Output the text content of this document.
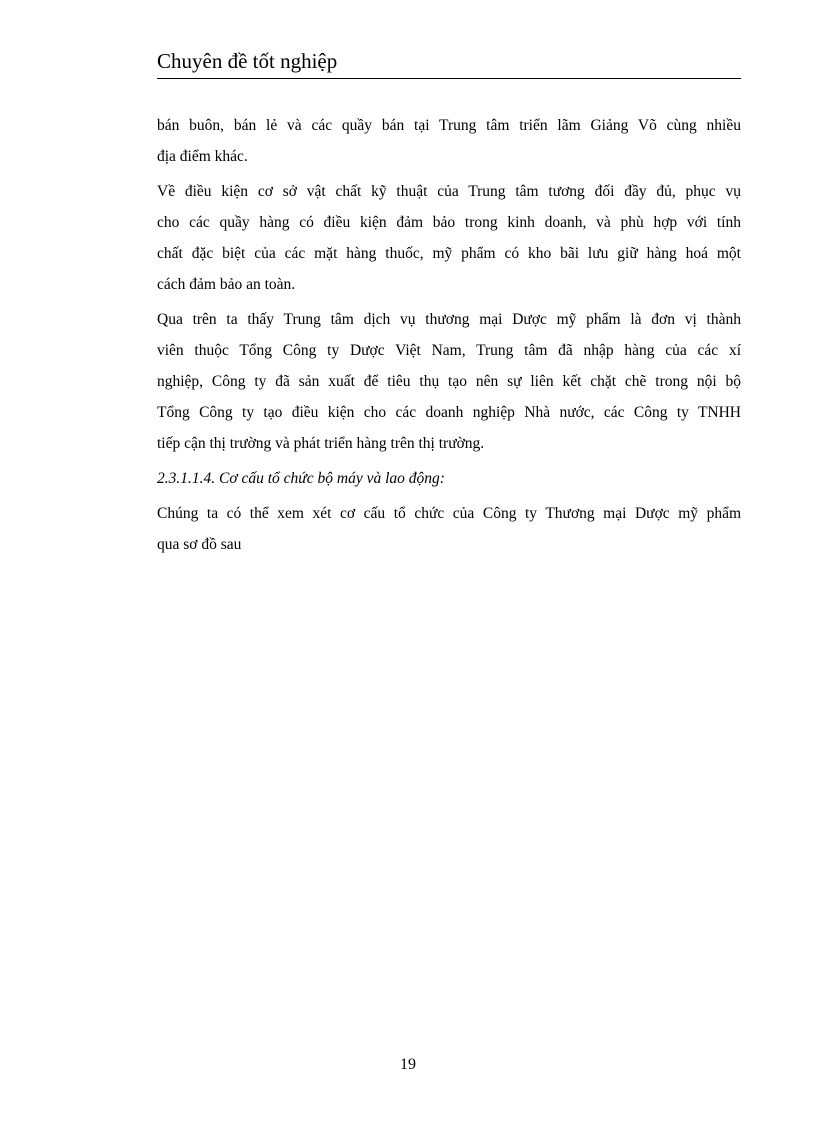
Chuyên đề tốt nghiệp

bán buôn, bán lẻ và các quầy bán tại Trung tâm triển lãm Giảng Võ cùng nhiều
địa điểm khác.

Về điều kiện cơ sở vật chất kỹ thuật của Trung tâm tương đối đầy đủ, phục vụ
cho các quầy hàng có điều kiện đảm bảo trong kinh doanh, và phù hợp với tính
chất đặc biệt của các mặt hàng thuốc, mỹ phẩm có kho bãi lưu giữ hàng hoá một
cách đảm bảo an toàn.

Qua trên ta thấy Trung tâm dịch vụ thương mại Dược mỹ phẩm là đơn vị thành
viên thuộc Tổng Công ty Dược Việt Nam, Trung tâm đã nhập hàng của các xí
nghiệp, Công ty đã sản xuất để tiêu thụ tạo nên sự liên kết chặt chẽ trong nội bộ
Tổng Công ty tạo điều kiện cho các doanh nghiệp Nhà nước, các Công ty TNHH
tiếp cận thị trường và phát triển hàng trên thị trường.

2.3.1.1.4. Cơ cấu tổ chức bộ máy và lao động:

Chúng ta có thể xem xét cơ cấu tổ chức của Công ty Thương mại Dược mỹ phẩm
qua sơ đồ sau

19
